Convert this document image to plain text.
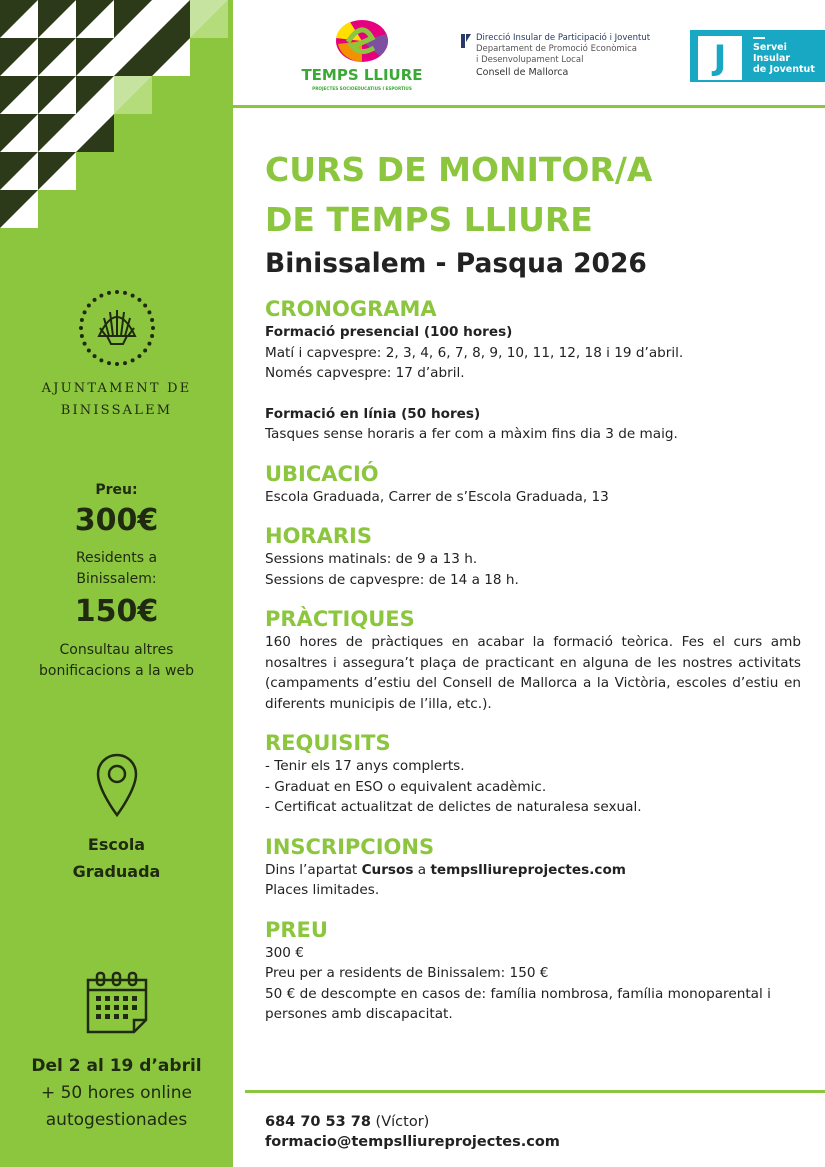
AJUNTAMENT DE
BINISSALEM
Preu:
300€
Residents a
Binissalem:
150€
Consultau altres
bonificacions a la web
Escola
Graduada
Del 2 al 19 d’abril
+ 50 hores online
autogestionades
TEMPS LLIURE
PROJECTES SOCIOEDUCATIUS I ESPORTIUS
Direcció Insular de Participació i Joventut
Departament de Promoció Econòmica
i Desenvolupament Local
Consell de Mallorca	J	Servei
Insular
de Joventut
CURS DE MONITOR/A
DE TEMPS LLIURE
Binissalem - Pasqua 2026
CRONOGRAMA
Formació presencial (100 hores)
Matí i capvespre: 2, 3, 4, 6, 7, 8, 9, 10, 11, 12, 18 i 19 d’abril.
Només capvespre: 17 d’abril.
Formació en línia (50 hores)
Tasques sense horaris a fer com a màxim fins dia 3 de maig.
UBICACIÓ
Escola Graduada, Carrer de s’Escola Graduada, 13
HORARIS
Sessions matinals: de 9 a 13 h.
Sessions de capvespre: de 14 a 18 h.
PRÀCTIQUES
160 hores de pràctiques en acabar la formació teòrica. Fes el curs amb nosaltres i assegura’t plaça de practicant en alguna de les nostres activitats (campaments d’estiu del Consell de Mallorca a la Victòria, escoles d’estiu en diferents municipis de l’illa, etc.).
REQUISITS
- Tenir els 17 anys complerts.
- Graduat en ESO o equivalent acadèmic.
- Certificat actualitzat de delictes de naturalesa sexual.
INSCRIPCIONS
Dins l’apartat Cursos a tempslliureprojectes.com
Places limitades.
PREU
300 €
Preu per a residents de Binissalem: 150 €
50 € de descompte en casos de: família nombrosa, família monoparental i persones amb discapacitat.
684 70 53 78 (Víctor)
formacio@tempslliureprojectes.com
